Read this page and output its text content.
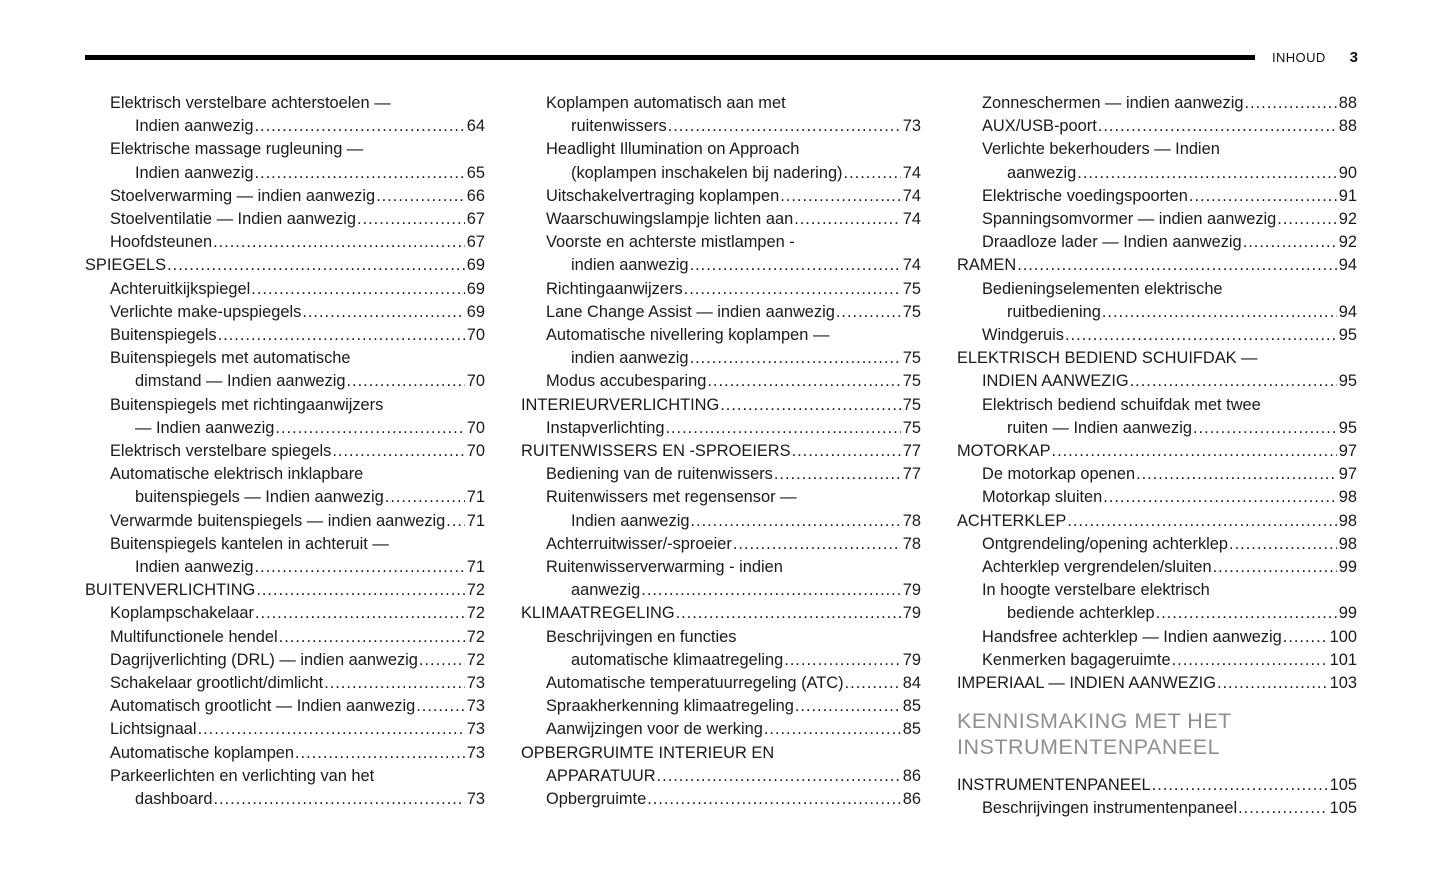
INHOUD 3
Elektrisch verstelbare achterstoelen —
Indien aanwezig .....	64
Elektrische massage rugleuning —
Indien aanwezig .....	65
Stoelverwarming — indien aanwezig .....	66
Stoelventilatie — Indien aanwezig .....	67
Hoofdsteunen .....	67
SPIEGELS .....	69
Achteruitkijkspiegel .....	69
Verlichte make-upspiegels .....	69
Buitenspiegels .....	70
Buitenspiegels met automatische
dimstand — Indien aanwezig .....	70
Buitenspiegels met richtingaanwijzers
— Indien aanwezig .....	70
Elektrisch verstelbare spiegels .....	70
Automatische elektrisch inklapbare
buitenspiegels — Indien aanwezig .....	71
Verwarmde buitenspiegels — indien aanwezig ..... 71
Buitenspiegels kantelen in achteruit —
Indien aanwezig .....	71
BUITENVERLICHTING .....	72
Koplampschakelaar .....	72
Multifunctionele hendel .....	72
Dagrijverlichting (DRL) — indien aanwezig .....	72
Schakelaar grootlicht/dimlicht .....	73
Automatisch grootlicht — Indien aanwezig .....	73
Lichtsignaal .....	73
Automatische koplampen .....	73
Parkeerlichten en verlichting van het
dashboard .....	73
Koplampen automatisch aan met
ruitenwissers .....	73
Headlight Illumination on Approach
(koplampen inschakelen bij nadering) .....	74
Uitschakelvertraging koplampen .....	74
Waarschuwingslampje lichten aan .....	74
Voorste en achterste mistlampen -
indien aanwezig .....	74
Richtingaanwijzers .....	75
Lane Change Assist — indien aanwezig .....	75
Automatische nivellering koplampen —
indien aanwezig .....	75
Modus accubesparing .....	75
INTERIEURVERLICHTING .....	75
Instapverlichting .....	75
RUITENWISSERS EN -SPROEIERS .....	77
Bediening van de ruitenwissers .....	77
Ruitenwissers met regensensor —
Indien aanwezig .....	78
Achterruitwisser/-sproeier .....	78
Ruitenwisserverwarming - indien
aanwezig .....	79
KLIMAATREGELING .....	79
Beschrijvingen en functies
automatische klimaatregeling .....	79
Automatische temperatuurregeling (ATC) .....	84
Spraakherkenning klimaatregeling .....	85
Aanwijzingen voor de werking .....	85
OPBERGRUIMTE INTERIEUR EN
APPARATUUR .....	86
Opbergruimte .....	86
Zonneschermen — indien aanwezig .....	88
AUX/USB-poort .....	88
Verlichte bekerhouders — Indien
aanwezig .....	90
Elektrische voedingspoorten .....	91
Spanningsomvormer — indien aanwezig .....	92
Draadloze lader — Indien aanwezig .....	92
RAMEN .....	94
Bedieningselementen elektrische
ruitbediening .....	94
Windgeruis .....	95
ELEKTRISCH BEDIEND SCHUIFDAK —
INDIEN AANWEZIG .....	95
Elektrisch bediend schuifdak met twee
ruiten — Indien aanwezig .....	95
MOTORKAP .....	97
De motorkap openen .....	97
Motorkap sluiten .....	98
ACHTERKLEP .....	98
Ontgrendeling/opening achterklep .....	98
Achterklep vergrendelen/sluiten .....	99
In hoogte verstelbare elektrisch
bediende achterklep .....	99
Handsfree achterklep — Indien aanwezig .....	100
Kenmerken bagageruimte .....	101
IMPERIAAL — INDIEN AANWEZIG .....	103
KENNISMAKING MET HET
INSTRUMENTENPANEEL
INSTRUMENTENPANEEL .....	105
Beschrijvingen instrumentenpaneel .....	105
